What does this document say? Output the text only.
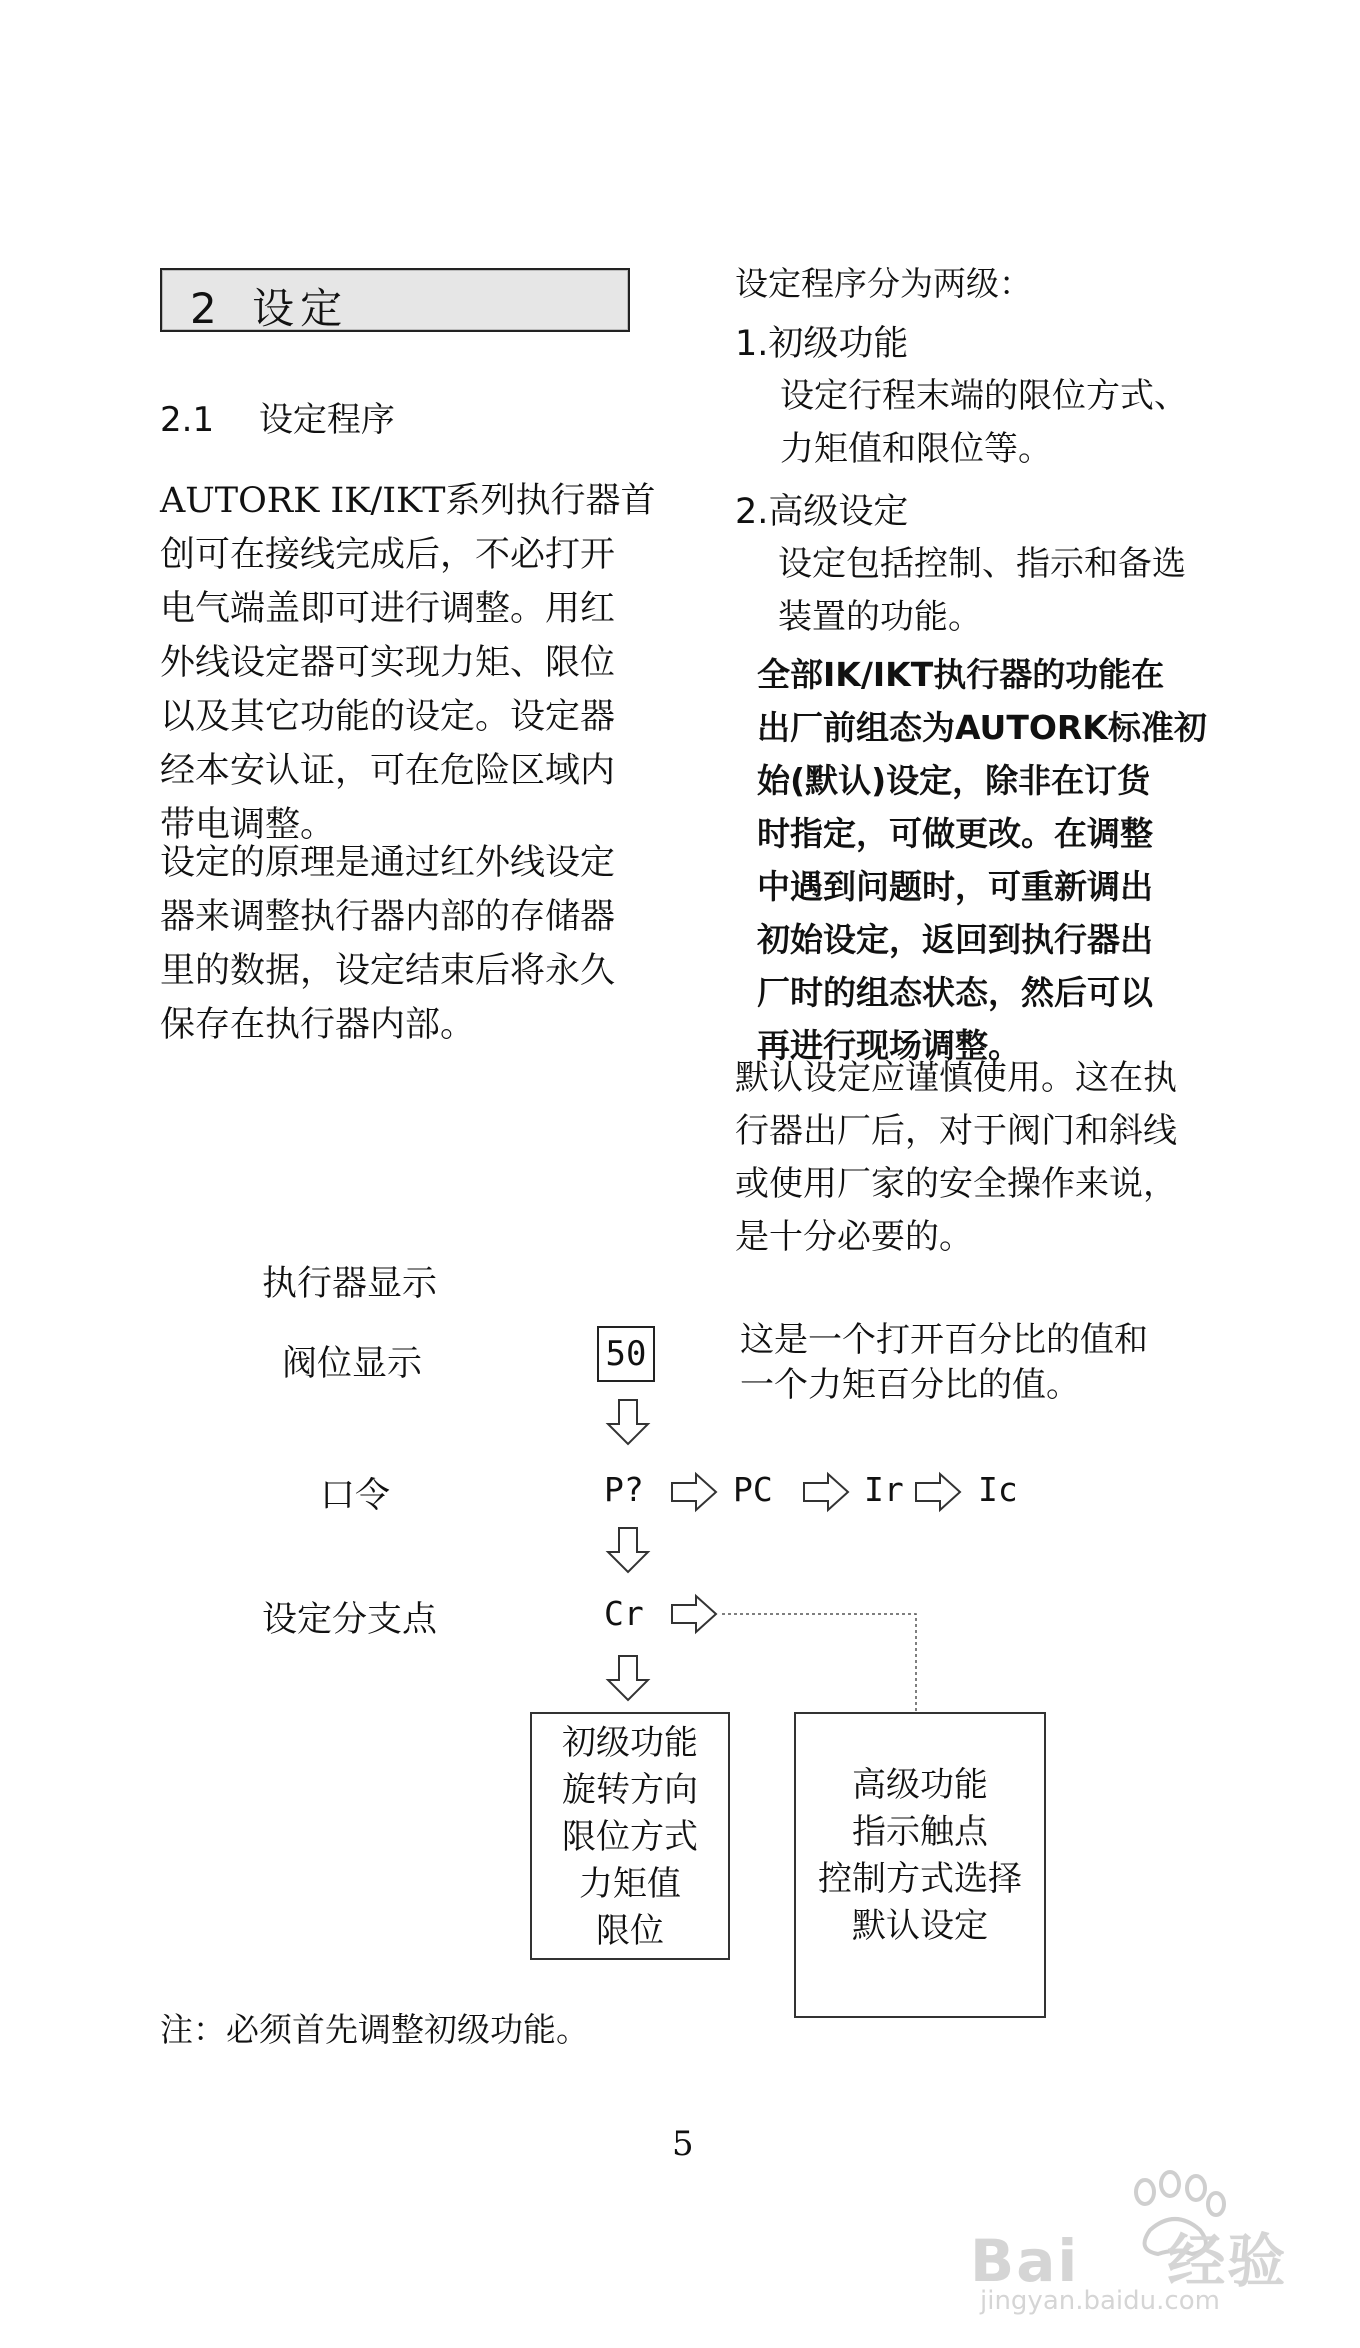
2 设定
2.1 设定程序
AUTORK IK/IKT系列执行器首
创可在接线完成后，不必打开
电气端盖即可进行调整。用红
外线设定器可实现力矩、限位
以及其它功能的设定。设定器
经本安认证，可在危险区域内
带电调整。
设定的原理是通过红外线设定
器来调整执行器内部的存储器
里的数据，设定结束后将永久
保存在执行器内部。
设定程序分为两级：
1.初级功能
设定行程末端的限位方式、
力矩值和限位等。
2.高级设定
设定包括控制、指示和备选
装置的功能。
全部IK/IKT执行器的功能在
出厂前组态为AUTORK标准初
始(默认)设定，除非在订货
时指定，可做更改。在调整
中遇到问题时，可重新调出
初始设定，返回到执行器出
厂时的组态状态，然后可以
再进行现场调整。
默认设定应谨慎使用。这在执
行器出厂后，对于阀门和斜线
或使用厂家的安全操作来说，
是十分必要的。
执行器显示
阀位显示	50	这是一个打开百分比的值和
一个力矩百分比的值。
口令	P?	PC	Ir Ic
设定分支点	Cr
初级功能
旋转方向
限位方式
力矩值
限位
高级功能
指示触点
控制方式选择
默认设定
注：必须首先调整初级功能。
5
Bai 经验
jingyan.baidu.com
